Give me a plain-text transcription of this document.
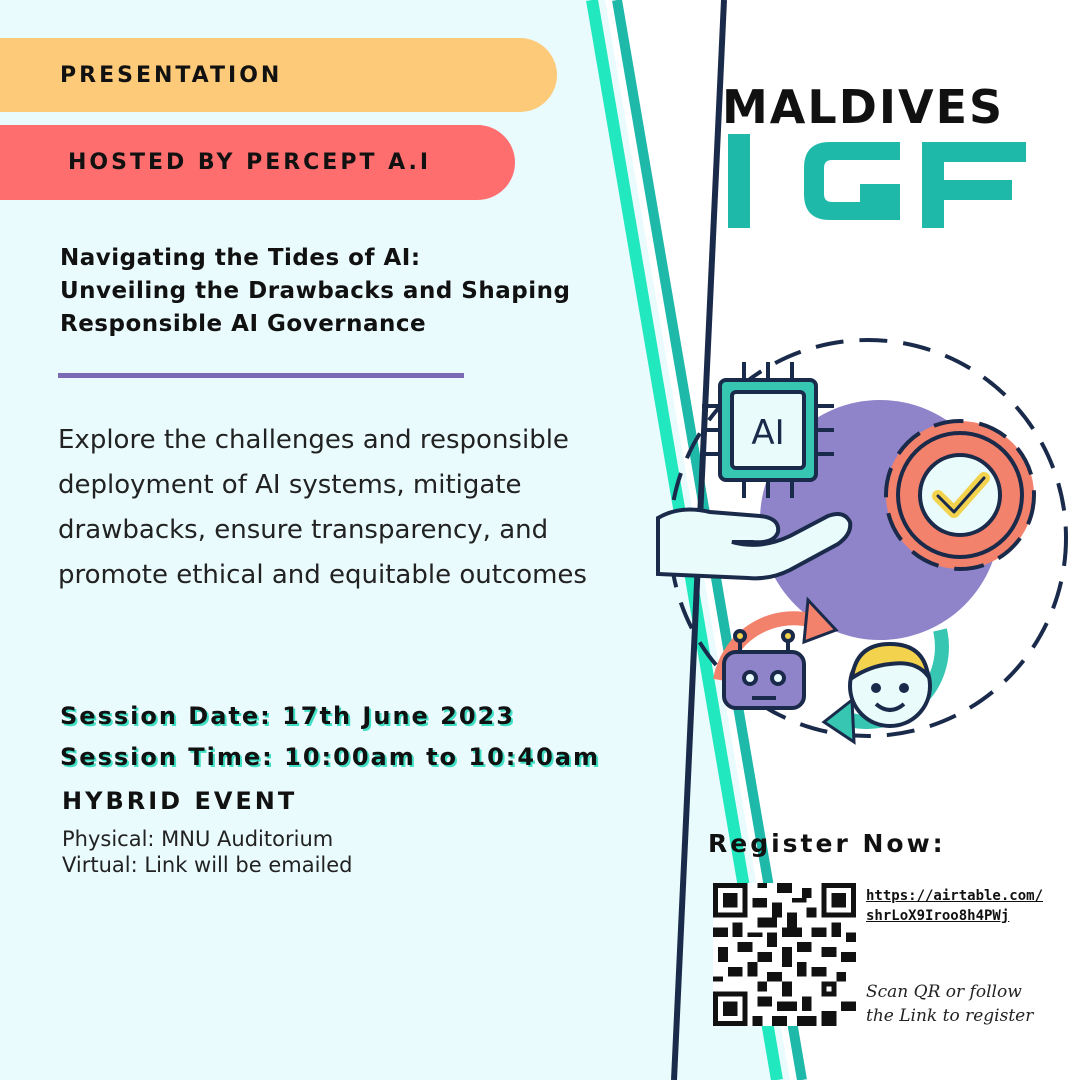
PRESENTATION
HOSTED BY PERCEPT A.I
Navigating the Tides of AI:
Unveiling the Drawbacks and Shaping
Responsible AI Governance
Explore the challenges and responsible deployment of AI systems, mitigate drawbacks, ensure transparency, and promote ethical and equitable outcomes
Session Date: 17th June 2023
Session Time: 10:00am to 10:40am
HYBRID EVENT
Physical: MNU Auditorium
Virtual: Link will be emailed
MALDIVES
AI
Register Now:
https://airtable.com/
shrLoX9Iroo8h4PWj
Scan QR or follow
the Link to register
